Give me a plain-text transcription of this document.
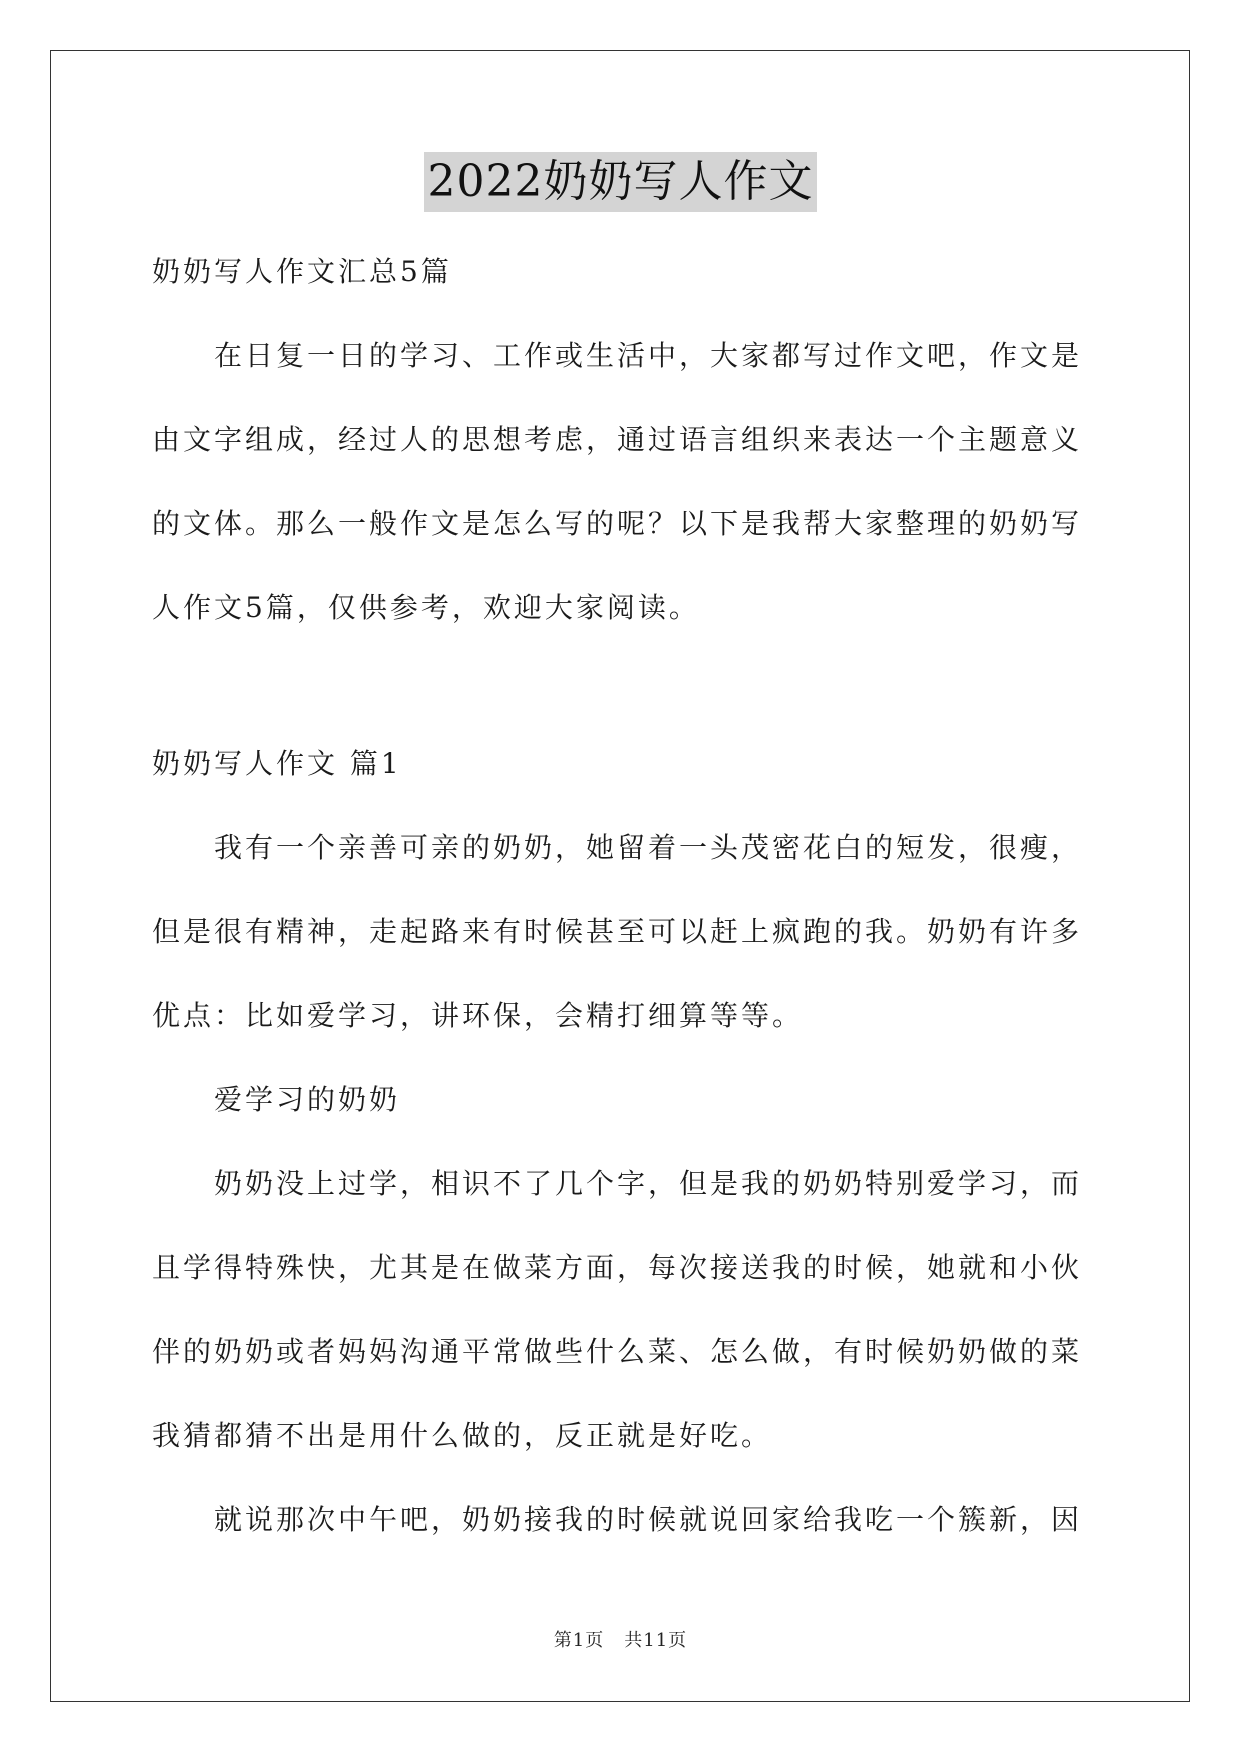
2022奶奶写人作文
奶奶写人作文汇总5篇
在日复一日的学习、工作或生活中，大家都写过作文吧，作文是
由文字组成，经过人的思想考虑，通过语言组织来表达一个主题意义
的文体。那么一般作文是怎么写的呢？以下是我帮大家整理的奶奶写
人作文5篇，仅供参考，欢迎大家阅读。
奶奶写人作文 篇1
我有一个亲善可亲的奶奶，她留着一头茂密花白的短发，很瘦，
但是很有精神，走起路来有时候甚至可以赶上疯跑的我。奶奶有许多
优点：比如爱学习，讲环保，会精打细算等等。
爱学习的奶奶
奶奶没上过学，相识不了几个字，但是我的奶奶特别爱学习，而
且学得特殊快，尤其是在做菜方面，每次接送我的时候，她就和小伙
伴的奶奶或者妈妈沟通平常做些什么菜、怎么做，有时候奶奶做的菜
我猜都猜不出是用什么做的，反正就是好吃。
就说那次中午吧，奶奶接我的时候就说回家给我吃一个簇新，因
第1页 共11页
